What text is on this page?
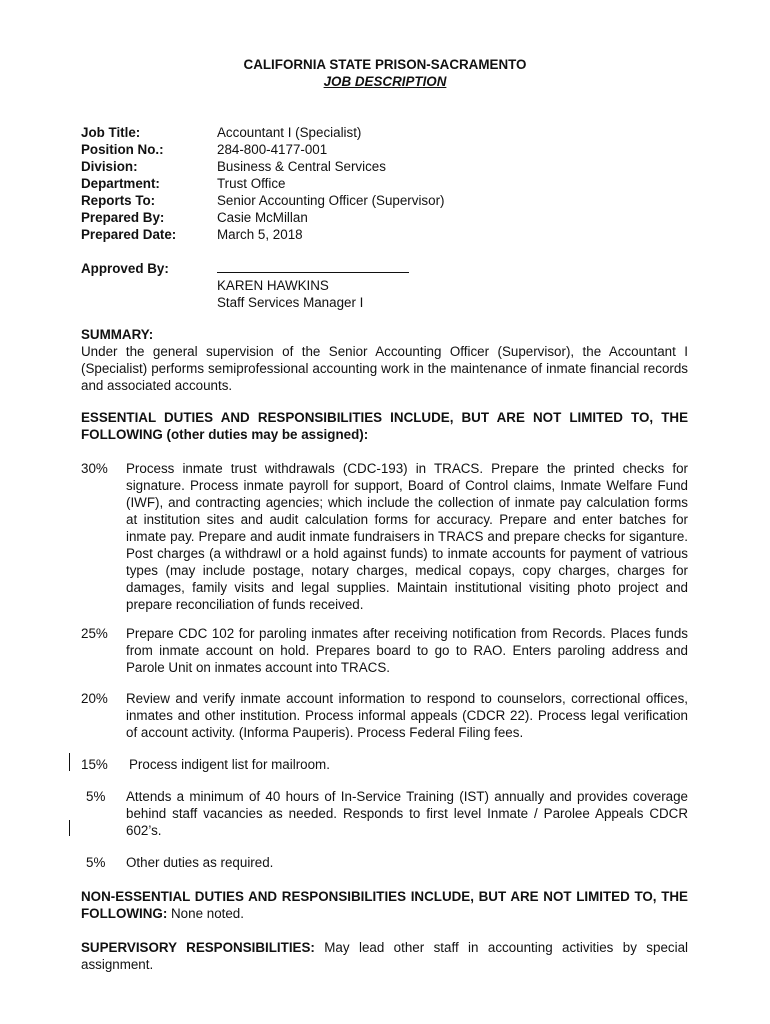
CALIFORNIA STATE PRISON-SACRAMENTO
JOB DESCRIPTION
Job Title:	Accountant I (Specialist)
Position No.:	284-800-4177-001
Division:	Business & Central Services
Department:	Trust Office
Reports To:	Senior Accounting Officer (Supervisor)
Prepared By:	Casie McMillan
Prepared Date:	March 5, 2018
Approved By:
KAREN HAWKINS
Staff Services Manager I
SUMMARY:
Under the general supervision of the Senior Accounting Officer (Supervisor), the Accountant I (Specialist) performs semiprofessional accounting work in the maintenance of inmate financial records and associated accounts.
ESSENTIAL DUTIES AND RESPONSIBILITIES INCLUDE, BUT ARE NOT LIMITED TO, THE FOLLOWING (other duties may be assigned):
30% Process inmate trust withdrawals (CDC-193) in TRACS. Prepare the printed checks for signature. Process inmate payroll for support, Board of Control claims, Inmate Welfare Fund (IWF), and contracting agencies; which include the collection of inmate pay calculation forms at institution sites and audit calculation forms for accuracy. Prepare and enter batches for inmate pay. Prepare and audit inmate fundraisers in TRACS and prepare checks for siganture. Post charges (a withdrawl or a hold against funds) to inmate accounts for payment of vatrious types (may include postage, notary charges, medical copays, copy charges, charges for damages, family visits and legal supplies. Maintain institutional visiting photo project and prepare reconciliation of funds received.
25% Prepare CDC 102 for paroling inmates after receiving notification from Records. Places funds from inmate account on hold. Prepares board to go to RAO. Enters paroling address and Parole Unit on inmates account into TRACS.
20% Review and verify inmate account information to respond to counselors, correctional offices, inmates and other institution. Process informal appeals (CDCR 22). Process legal verification of account activity. (Informa Pauperis). Process Federal Filing fees.
15% Process indigent list for mailroom.
5% Attends a minimum of 40 hours of In-Service Training (IST) annually and provides coverage behind staff vacancies as needed. Responds to first level Inmate / Parolee Appeals CDCR 602’s.
5% Other duties as required.
NON-ESSENTIAL DUTIES AND RESPONSIBILITIES INCLUDE, BUT ARE NOT LIMITED TO, THE FOLLOWING: None noted.
SUPERVISORY RESPONSIBILITIES: May lead other staff in accounting activities by special assignment.
